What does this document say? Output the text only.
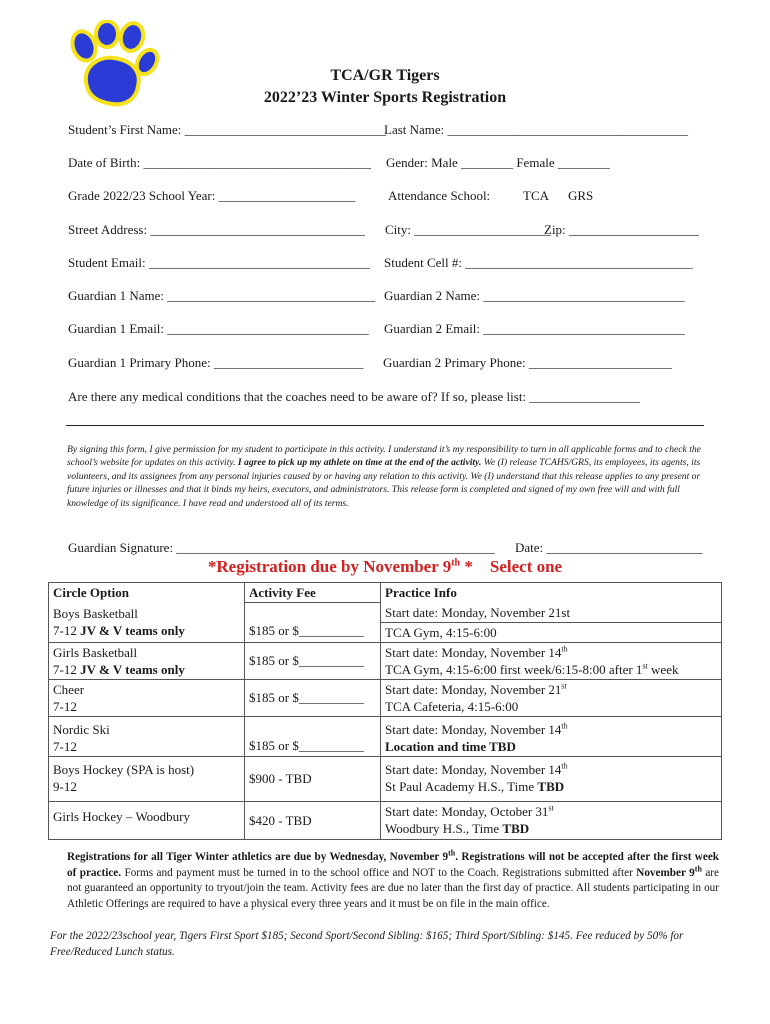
TCA/GR Tigers
2022’23 Winter Sports Registration
Student’s First Name: _______________________________
Last Name: _____________________________________
Date of Birth: ___________________________________ Gender: Male ________ Female ________
Grade 2022/23 School Year: _____________________	Attendance School:	TCA GRS
Street Address: _________________________________ City: _____________________
Zip: ____________________
Student Email: __________________________________ Student Cell #: ___________________________________
Guardian 1 Name: ________________________________ Guardian 2 Name: _______________________________
Guardian 1 Email: _______________________________ Guardian 2 Email: _______________________________
Guardian 1 Primary Phone: _______________________ Guardian 2 Primary Phone: ______________________
Are there any medical conditions that the coaches need to be aware of? If so, please list: _________________
By signing this form, I give permission for my student to participate in this activity. I understand it’s my responsibility to turn in all applicable forms and to check the school’s website for updates on this activity. I agree to pick up my athlete on time at the end of the activity. We (I) release TCAHS/GRS, its employees, its agents, its volunteers, and its assignees from any personal injuries caused by or having any relation to this activity. We (I) understand that this release applies to any present or future injuries or illnesses and that it binds my heirs, executors, and administrators. This release form is completed and signed of my own free will and with full knowledge of its significance. I have read and understood all of its terms.
Guardian Signature: _________________________________________________ Date: ________________________
*Registration due by November 9th *    Select one
Circle Option	Activity Fee	Practice Info

Boys Basketball
7-12 JV & V teams only	$185 or $__________	Start date: Monday, November 21st
TCA Gym, 4:15-6:00

Girls Basketball
7-12 JV & V teams only	$185 or $__________	Start date: Monday, November 14th
TCA Gym, 4:15-6:00 first week/6:15-8:00 after 1st week

Cheer
7-12	$185 or $__________	Start date: Monday, November 21st
TCA Cafeteria, 4:15-6:00

Nordic Ski
7-12	$185 or $__________	Start date: Monday, November 14th
Location and time TBD

Boys Hockey (SPA is host)
9-12	$900 - TBD	Start date: Monday, November 14th
St Paul Academy H.S., Time TBD

Girls Hockey – Woodbury	$420 - TBD	Start date: Monday, October 31st
Woodbury H.S., Time TBD
Registrations for all Tiger Winter athletics are due by Wednesday, November 9th. Registrations will not be accepted after the first week of practice. Forms and payment must be turned in to the school office and NOT to the Coach. Registrations submitted after November 9th are not guaranteed an opportunity to tryout/join the team. Activity fees are due no later than the first day of practice. All students participating in our Athletic Offerings are required to have a physical every three years and it must be on file in the main office.
For the 2022/23school year, Tigers First Sport $185; Second Sport/Second Sibling: $165; Third Sport/Sibling: $145. Fee reduced by 50% for Free/Reduced Lunch status.
